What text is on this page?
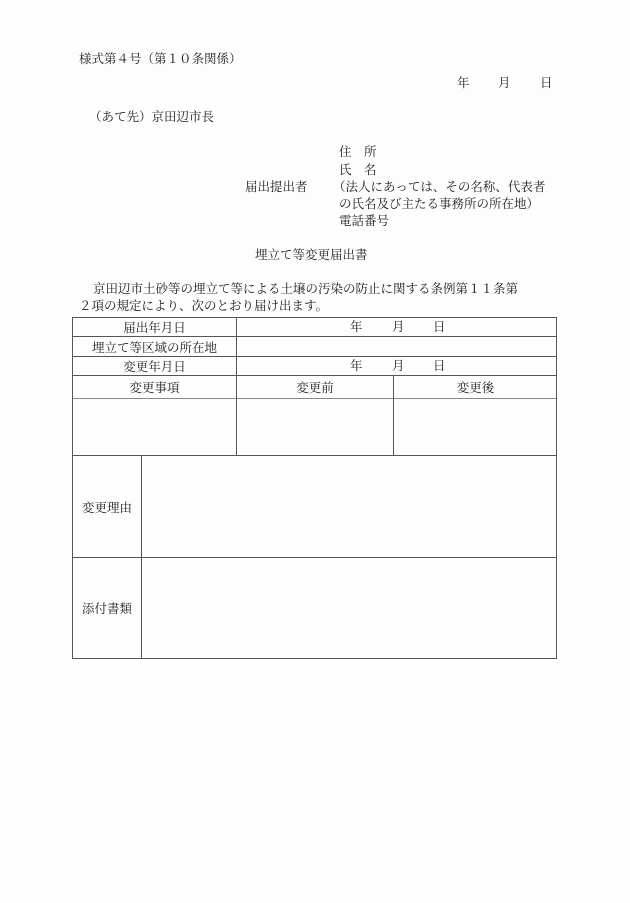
様式第４号（第１０条関係）
年 月 日
（あて先）京田辺市長
住　所
氏　名
届出提出者 （法人にあっては、その名称、代表者
の氏名及び主たる事務所の所在地）
電話番号
埋立て等変更届出書
京田辺市土砂等の埋立て等による土壌の汚染の防止に関する条例第１１条第
２項の規定により、次のとおり届け出ます。
届出年月日	年 月 日
埋立て等区域の所在地
変更年月日	年 月 日
変更事項	変更前	変更後
変更理由
添付書類
